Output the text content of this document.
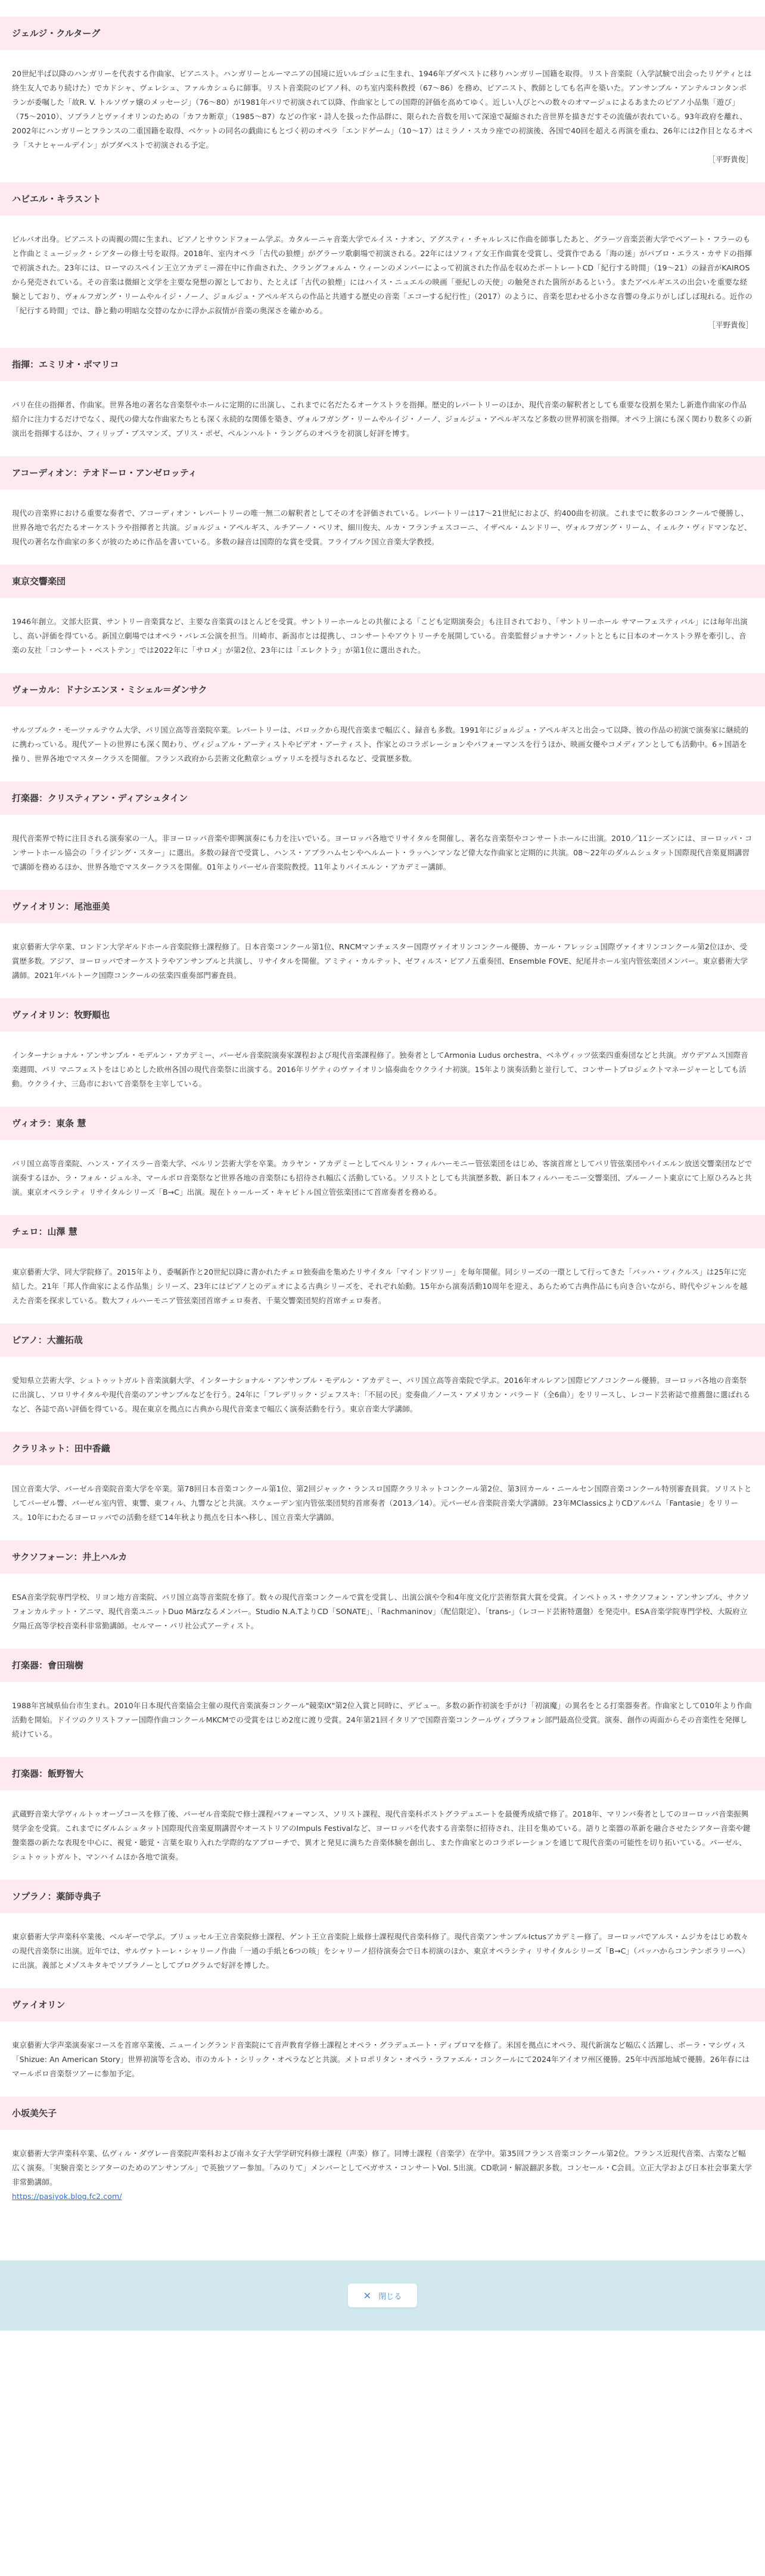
ジェルジ・クルターグ

20世紀半ば以降のハンガリーを代表する作曲家、ピアニスト。ハンガリーとルーマニアの国境に近いルゴシュに生まれ、1946年ブダペストに移りハンガリー国籍を取得。リスト音楽院（入学試験で出会ったリゲティとは終生友人であり続けた）でカドシャ、ヴェレシュ、ファルカシュらに師事。リスト音楽院のピアノ科、のち室内楽科教授（67〜86）を務め、ピアニスト、教師としても名声を築いた。アンサンブル・アンテルコンタンポランが委嘱した「故R. V. トルソヴァ嬢のメッセージ」（76〜80）が1981年パリで初演されて以降、作曲家としての国際的評価を高めてゆく。近しい人びとへの数々のオマージュによるあまたのピアノ小品集「遊び」（75〜2010）、ソプラノとヴァイオリンのための「カフカ断章」（1985〜87）などの作家・詩人を扱った作品群に、限られた音数を用いて深遠で凝縮された音世界を描きだすその流儀が表れている。93年政府を離れ、2002年にハンガリーとフランスの二重国籍を取得、ベケットの同名の戯曲にもとづく初のオペラ「エンドゲーム」（10〜17）はミラノ・スカラ座での初演後、各国で40回を超える再演を重ね、26年には2作目となるオペラ「スナヒャールデイン」がブダペストで初演される予定。

［平野貴俊］

ハビエル・キラスント

ビルバオ出身。ピアニストの両親の間に生まれ、ピアノとサウンドフォーム学ぶ。カタルーニャ音楽大学でルイス・ナオン、アグスティ・チャルレスに作曲を師事したあと、グラーツ音楽芸術大学でベアート・フラーのもと作曲とミュージック・シアターの修士号を取得。2018年、室内オペラ「古代の狼煙」がグラーツ歌劇場で初演される。22年にはソフィア女王作曲賞を受賞し、受賞作である「海の迷」がパブロ・エラス・カサドの指揮で初演された。23年には、ローマのスペイン王立アカデミー滞在中に作曲された、クラングフォルム・ウィーンのメンバーによって初演された作品を収めたポートレートCD「紀行する時間」（19〜21）の録音がKAIROSから発売されている。その音楽は微細と文学を主要な発想の源としており、たとえば「古代の狼煙」にはハイス・ニュエルの映画「亜紀しの天使」の触発された箇所があるという。またアベルギエスの出会いを重要な経験としており、ヴォルフガング・リームやルイジ・ノーノ、ジョルジュ・アペルギスらの作品と共通する歴史の音楽「エコーする紀行性」（2017）のように、音楽を思わせる小さな音響の身ぶりがしばしば現れる。近作の「紀行する時間」では、静と動の明暗な交替のなかに浮かぶ叙情が音楽の奥深さを確かめる。

［平野貴俊］

指揮：エミリオ・ポマリコ

パリ在住の指揮者、作曲家。世界各地の著名な音楽祭やホールに定期的に出演し、これまでに名だたるオーケストラを指揮。歴史的レパートリーのほか、現代音楽の解釈者としても重要な役割を果たし新進作曲家の作品紹介に注力するだけでなく、現代の偉大な作曲家たちとも深く永続的な関係を築き、ヴォルフガング・リームやルイジ・ノーノ、ジョルジュ・アペルギスなど多数の世界初演を指揮。オペラ上演にも深く関わり数多くの新演出を指揮するほか、フィリップ・ブスマンズ、ブリス・ポゼ、ベルンハルト・ラングらのオペラを初演し好評を博す。

アコーディオン：テオドーロ・アンゼロッティ

現代の音楽界における重要な奏者で、アコーディオン・レパートリーの唯一無二の解釈者としてその才を評価されている。レパートリーは17〜21世紀におよび、約400曲を初演。これまでに数多のコンクールで優勝し、世界各地で名だたるオーケストラや指揮者と共演。ジョルジュ・アペルギス、ルチアーノ・ベリオ、細川俊夫、ルカ・フランチェスコーニ、イザベル・ムンドリー、ヴォルフガング・リーム、イェルク・ヴィドマンなど、現代の著名な作曲家の多くが彼のために作品を書いている。多数の録音は国際的な賞を受賞。フライブルク国立音楽大学教授。

東京交響楽団

1946年創立。文部大臣賞、サントリー音楽賞など、主要な音楽賞のほとんどを受賞。サントリーホールとの共催による「こども定期演奏会」も注目されており、「サントリーホール サマーフェスティバル」には毎年出演し、高い評価を得ている。新国立劇場ではオペラ・バレエ公演を担当。川崎市、新潟市とは提携し、コンサートやアウトリーチを展開している。音楽監督ジョナサン・ノットとともに日本のオーケストラ界を牽引し、音楽の友社「コンサート・ベストテン」では2022年に「サロメ」が第2位、23年には「エレクトラ」が第1位に選出された。

ヴォーカル：ドナシエンヌ・ミシェル＝ダンサク

サルツブルク・モーツァルテウム大学、パリ国立高等音楽院卒業。レパートリーは、バロックから現代音楽まで幅広く、録音も多数。1991年にジョルジュ・アペルギスと出会って以降、彼の作品の初演で演奏家に継続的に携わっている。現代アートの世界にも深く関わり、ヴィジュアル・アーティストやビデオ・アーティスト、作家とのコラボレーションやパフォーマンスを行うほか、映画女優やコメディアンとしても活動中。6ヶ国語を操り、世界各地でマスタークラスを開催。フランス政府から芸術文化勲章シュヴァリエを授与されるなど、受賞歴多数。

打楽器：クリスティアン・ディアシュタイン

現代音楽界で特に注目される演奏家の一人。非ヨーロッパ音楽や即興演奏にも力を注いでいる。ヨーロッパ各地でリサイタルを開催し、著名な音楽祭やコンサートホールに出演。2010／11シーズンには、ヨーロッパ・コンサートホール協会の「ライジング・スター」に選出。多数の録音で受賞し、ハンス・アブラハムセンやヘルムート・ラッヘンマンなど偉大な作曲家と定期的に共演。08〜22年のダルムシュタット国際現代音楽夏期講習で講師を務めるほか、世界各地でマスタークラスを開催。01年よりバーゼル音楽院教授。11年よりバイエルン・アカデミー講師。

ヴァイオリン：尾池亜美

東京藝術大学卒業、ロンドン大学ギルドホール音楽院修士課程修了。日本音楽コンクール第1位、RNCMマンチェスター国際ヴァイオリンコンクール優勝、カール・フレッシュ国際ヴァイオリンコンクール第2位ほか、受賞歴多数。アジア、ヨーロッパでオーケストラやアンサンブルと共演し、リサイタルを開催。アミティ・カルテット、ゼフィルス・ピアノ五重奏団、Ensemble FOVE、紀尾井ホール室内管弦楽団メンバー。東京藝術大学講師。2021年バルトーク国際コンクールの弦楽四重奏部門審査員。

ヴァイオリン：牧野順也

インターナショナル・アンサンブル・モデルン・アカデミー、バーゼル音楽院演奏家課程および現代音楽課程修了。独奏者としてArmonia Ludus orchestra、ベネヴィッツ弦楽四重奏団などと共演。ガウデアムス国際音楽週間、パリ マニフェストをはじめとした欧州各国の現代音楽祭に出演する。2016年リゲティのヴァイオリン協奏曲をウクライナ初演。15年より演奏活動と並行して、コンサートプロジェクトマネージャーとしても活動。ウクライナ、三島市において音楽祭を主宰している。

ヴィオラ：東条 慧

パリ国立高等音楽院、ハンス・アイスラー音楽大学、ベルリン芸術大学を卒業。カラヤン・アカデミーとしてベルリン・フィルハーモニー管弦楽団をはじめ、客演首席としてパリ管弦楽団やバイエルン放送交響楽団などで演奏するほか、ラ・フォル・ジュルネ、マールボロ音楽祭など世界各地の音楽祭にも招待され幅広く活動している。ソリストとしても共演歴多数、新日本フィルハーモニー交響楽団、ブルーノート東京にて上原ひろみと共演。東京オペラシティ リサイタルシリーズ「B→C」出演。現在トゥールーズ・キャピトル国立管弦楽団にて首席奏者を務める。

チェロ：山澤 慧

東京藝術大学、同大学院修了。2015年より、委嘱新作と20世紀以降に書かれたチェロ独奏曲を集めたリサイタル「マインドツリー」を毎年開催。同シリーズの一環として行ってきた「バッハ・ツィクルス」は25年に完結した。21年「邦人作曲家による作品集」シリーズ、23年にはピアノとのデュオによる古典シリーズを、それぞれ始動。15年から演奏活動10周年を迎え、あらためて古典作品にも向き合いながら、時代やジャンルを越えた音楽を探求している。数大フィルハーモニア管弦楽団首席チェロ奏者、千葉交響楽団契約首席チェロ奏者。

ピアノ：大瀧拓哉

愛知県立芸術大学、シュトゥットガルト音楽演劇大学、インターナショナル・アンサンブル・モデルン・アカデミー、パリ国立高等音楽院で学ぶ。2016年オルレアン国際ピアノコンクール優勝。ヨーロッパ各地の音楽祭に出演し、ソロリサイタルや現代音楽のアンサンブルなどを行う。24年に「フレデリック・ジェフスキ：「不屈の民」変奏曲／ノース・アメリカン・バラード（全6曲）」をリリースし、レコード芸術誌で推薦盤に選ばれるなど、各誌で高い評価を得ている。現在東京を拠点に古典から現代音楽まで幅広く演奏活動を行う。東京音楽大学講師。

クラリネット：田中香織

国立音楽大学、バーゼル音楽院音楽大学を卒業。第78回日本音楽コンクール第1位、第2回ジャック・ランスロ国際クラリネットコンクール第2位、第3回カール・ニールセン国際音楽コンクール特別審査員賞。ソリストとしてバーゼル響、バーゼル室内管、東響、東フィル、九響などと共演。スウェーデン室内管弦楽団契約首席奏者（2013／14）。元バーゼル音楽院音楽大学講師。23年MClassicsよりCDアルバム「Fantasie」をリリース。10年にわたるヨーロッパでの活動を経て14年秋より拠点を日本へ移し、国立音楽大学講師。

サクソフォーン：井上ハルカ

ESA音楽学院専門学校、リヨン地方音楽院、パリ国立高等音楽院を修了。数々の現代音楽コンクールで賞を受賞し、出演公演や令和4年度文化庁芸術祭賞大賞を受賞。インペトゥス・サクソフォン・アンサンブル、サクソフォンカルテット・アニマ、現代音楽ユニットDuo Märzなるメンバー。Studio N.A.TよりCD「SONATE」、「Rachmaninov」（配信限定）、「trans-」（レコード芸術特選盤）を発売中。ESA音楽学院専門学校、大阪府立夕陽丘高等学校音楽科非常勤講師。セルマー・パリ社公式アーティスト。

打楽器：會田瑞樹

1988年宮城県仙台市生まれ。2010年日本現代音楽協会主催の現代音楽演奏コンクール"競楽IX"第2位入賞と同時に、デビュー。多数の新作初演を手がけ「初演魔」の異名をとる打楽器奏者。作曲家として010年より作曲活動を開始。ドイツのクリストファー国際作曲コンクールMKCMでの受賞をはじめ2度に渡り受賞。24年第21回イタリアで国際音楽コンクールヴィブラフォン部門最高位受賞。演奏、創作の両面からその音楽性を発揮し続けている。

打楽器：飯野智大

武蔵野音楽大学ヴィルトゥオーゾコースを修了後、パーゼル音楽院で修士課程パフォーマンス、ソリスト課程、現代音楽科ポストグラデュエートを最優秀成績で修了。2018年、マリンバ奏者としてのヨーロッパ音楽振興奨学金を受賞。これまでにダルムシュタット国際現代音楽夏期講習やオーストリアのImpuls Festivalなど、ヨーロッパを代表する音楽祭に招待され、注目を集めている。語りと楽器の革新を融合させたシアター音楽や鍵盤楽器の新たな表現を中心に、視覚・聴覚・言葉を取り入れた学際的なアプローチで、異才と発見に満ちた音楽体験を創出し、また作曲家とのコラボレーションを通じて現代音楽の可能性を切り拓いている。パーゼル、シュトゥットガルト、マンハイムほか各地で演奏。

ソプラノ：薬師寺典子

東京藝術大学声楽科卒業後、ベルギーで学ぶ。ブリュッセル王立音楽院修士課程、ゲント王立音楽院上級修士課程現代音楽科修了。現代音楽アンサンブルIctusアカデミー修了。ヨーロッパでアルス・ムジカをはじめ数々の現代音楽祭に出演。近年では、サルヴァトーレ・シャリーノ作曲「一通の手紙と6つの咳」をシャリーノ招待演奏会で日本初演のほか、東京オペラシティ リサイタルシリーズ「B→C」（バッハからコンテンポラリーへ）に出演。義部とメゾスキタキでソプラノーとしてプログラムで好評を博した。

ヴァイオリン

東京藝術大学声楽演奏家コースを首席卒業後、ニューイングランド音楽院にて音声教育学修士課程とオペラ・グラデュエート・ディプロマを修了。米国を拠点にオペラ、現代新演など幅広く活躍し、ボーラ・マシヴィス「Shizue: An American Story」世界初演等を含め、市のカルト・シリック・オペラなどと共演。メトロポリタン・オペラ・ラファエル・コンクールにて2024年アイオワ州区優勝。25年中西部地域で優勝。26年春にはマールボロ音楽祭ツアーに参加予定。

小坂美矢子

東京藝術大学声楽科卒業、仏ヴィル・ダヴレー音楽院声楽科および南ネ女子大学学研究科修士課程（声楽）修了。同博士課程（音楽学）在学中。第35回フランス音楽コンクール第2位。フランス近現代音楽、古楽など幅広く演奏。「実験音楽とシアターのためのアンサンブル」で英独ツアー参加。「みのりて」メンバーとしてベガサス・コンサートVol. 5出演。CD歌詞・解説翻訳多数。コンセール・C会員。立正大学および日本社会事業大学非常勤講師。

https://pasiyok.blog.fc2.com/
✕ 閉じる
